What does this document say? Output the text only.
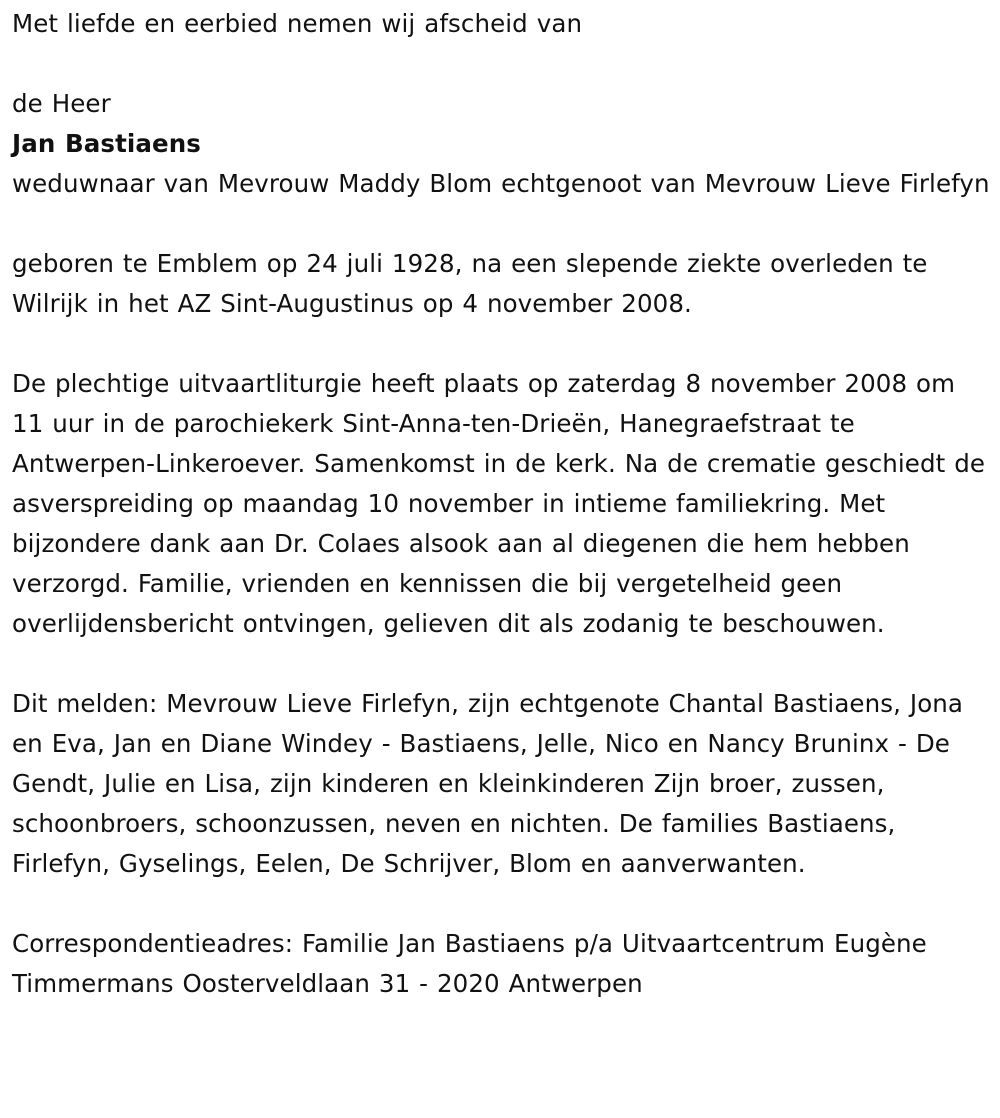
Met liefde en eerbied nemen wij afscheid van

de Heer

Jan Bastiaens

weduwnaar van Mevrouw Maddy Blom echtgenoot van Mevrouw Lieve Firlefyn

geboren te Emblem op 24 juli 1928, na een slepende ziekte overleden te Wilrijk in het AZ Sint-Augustinus op 4 november 2008.

De plechtige uitvaartliturgie heeft plaats op zaterdag 8 november 2008 om 11 uur in de parochiekerk Sint-Anna-ten-Drieën, Hanegraefstraat te Antwerpen-Linkeroever. Samenkomst in de kerk. Na de crematie geschiedt de asverspreiding op maandag 10 november in intieme familiekring. Met bijzondere dank aan Dr. Colaes alsook aan al diegenen die hem hebben verzorgd. Familie, vrienden en kennissen die bij vergetelheid geen overlijdensbericht ontvingen, gelieven dit als zodanig te beschouwen.

Dit melden: Mevrouw Lieve Firlefyn, zijn echtgenote Chantal Bastiaens, Jona en Eva, Jan en Diane Windey - Bastiaens, Jelle, Nico en Nancy Bruninx - De Gendt, Julie en Lisa, zijn kinderen en kleinkinderen Zijn broer, zussen, schoonbroers, schoonzussen, neven en nichten. De families Bastiaens, Firlefyn, Gyselings, Eelen, De Schrijver, Blom en aanverwanten.

Correspondentieadres: Familie Jan Bastiaens p/a Uitvaartcentrum Eugène Timmermans Oosterveldlaan 31 - 2020 Antwerpen
